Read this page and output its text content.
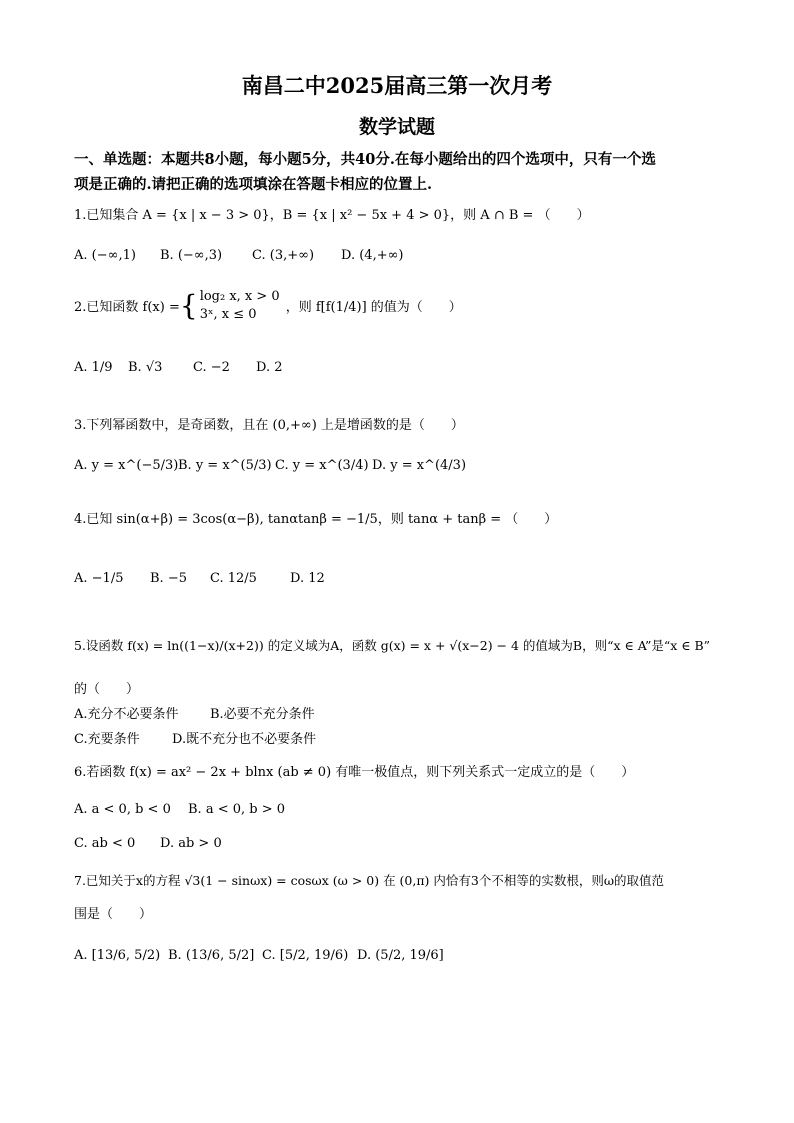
南昌二中2025届高三第一次月考
数学试题
一、单选题：本题共8小题，每小题5分，共40分.在每小题给出的四个选项中，只有一个选
项是正确的.请把正确的选项填涂在答题卡相应的位置上.
1.已知集合 A = {x | x − 3 > 0}，B = {x | x² − 5x + 4 > 0}，则 A ∩ B = （　　）
A. (−∞,1) B. (−∞,3) C. (3,+∞) D. (4,+∞)
2.已知函数 f(x) = { log₂ x, x > 0
3ˣ, x ≤ 0	，则 f[f(1/4)] 的值为（　　）
A. 1/9 B. √3 C. −2 D. 2
3.下列幂函数中，是奇函数，且在 (0,+∞) 上是增函数的是（　　）
A. y = x^(−5/3) B. y = x^(5/3) C. y = x^(3/4) D. y = x^(4/3)
4.已知 sin(α+β) = 3cos(α−β), tanαtanβ = −1/5，则 tanα + tanβ = （　　）
A. −1/5 B. −5 C. 12/5	D. 12
5.设函数 f(x) = ln((1−x)/(x+2)) 的定义域为A，函数 g(x) = x + √(x−2) − 4 的值域为B，则“x ∈ A”是“x ∈ B”
的（　　）
A.充分不必要条件 B.必要不充分条件
C.充要条件 D.既不充分也不必要条件
6.若函数 f(x) = ax² − 2x + blnx (ab ≠ 0) 有唯一极值点，则下列关系式一定成立的是（　　）
A. a < 0, b < 0 B. a < 0, b > 0
C. ab < 0 D. ab > 0
7.已知关于x的方程 √3(1 − sinωx) = cosωx (ω > 0) 在 (0,π) 内恰有3个不相等的实数根，则ω的取值范
围是（　　）
A. [13/6, 5/2) B. (13/6, 5/2] C. [5/2, 19/6) D. (5/2, 19/6]
